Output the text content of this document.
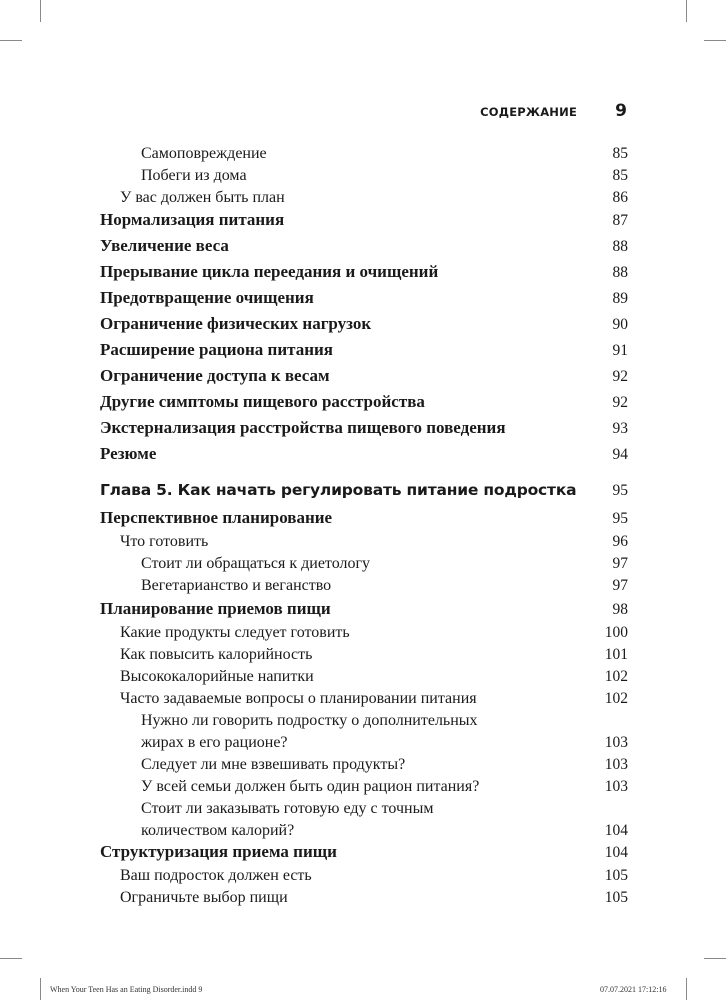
СОДЕРЖАНИЕ 9
Самоповреждение	85
Побеги из дома	85
У вас должен быть план	86
Нормализация питания	87
Увеличение веса	88
Прерывание цикла переедания и очищений	88
Предотвращение очищения	89
Ограничение физических нагрузок	90
Расширение рациона питания	91
Ограничение доступа к весам	92
Другие симптомы пищевого расстройства	92
Экстернализация расстройства пищевого поведения	93
Резюме	94
Глава 5. Как начать регулировать питание подростка 95
Перспективное планирование	95
Что готовить	96
Стоит ли обращаться к диетологу	97
Вегетарианство и веганство	97
Планирование приемов пищи	98
Какие продукты следует готовить	100
Как повысить калорийность	101
Высококалорийные напитки	102
Часто задаваемые вопросы о планировании питания	102
Нужно ли говорить подростку о дополнительных
жирах в его рационе?	103
Следует ли мне взвешивать продукты?	103
У всей семьи должен быть один рацион питания?	103
Стоит ли заказывать готовую еду с точным
количеством калорий?	104
Структуризация приема пищи	104
Ваш подросток должен есть	105
Ограничьте выбор пищи	105
When Your Teen Has an Eating Disorder.indd 9	07.07.2021 17:12:16
